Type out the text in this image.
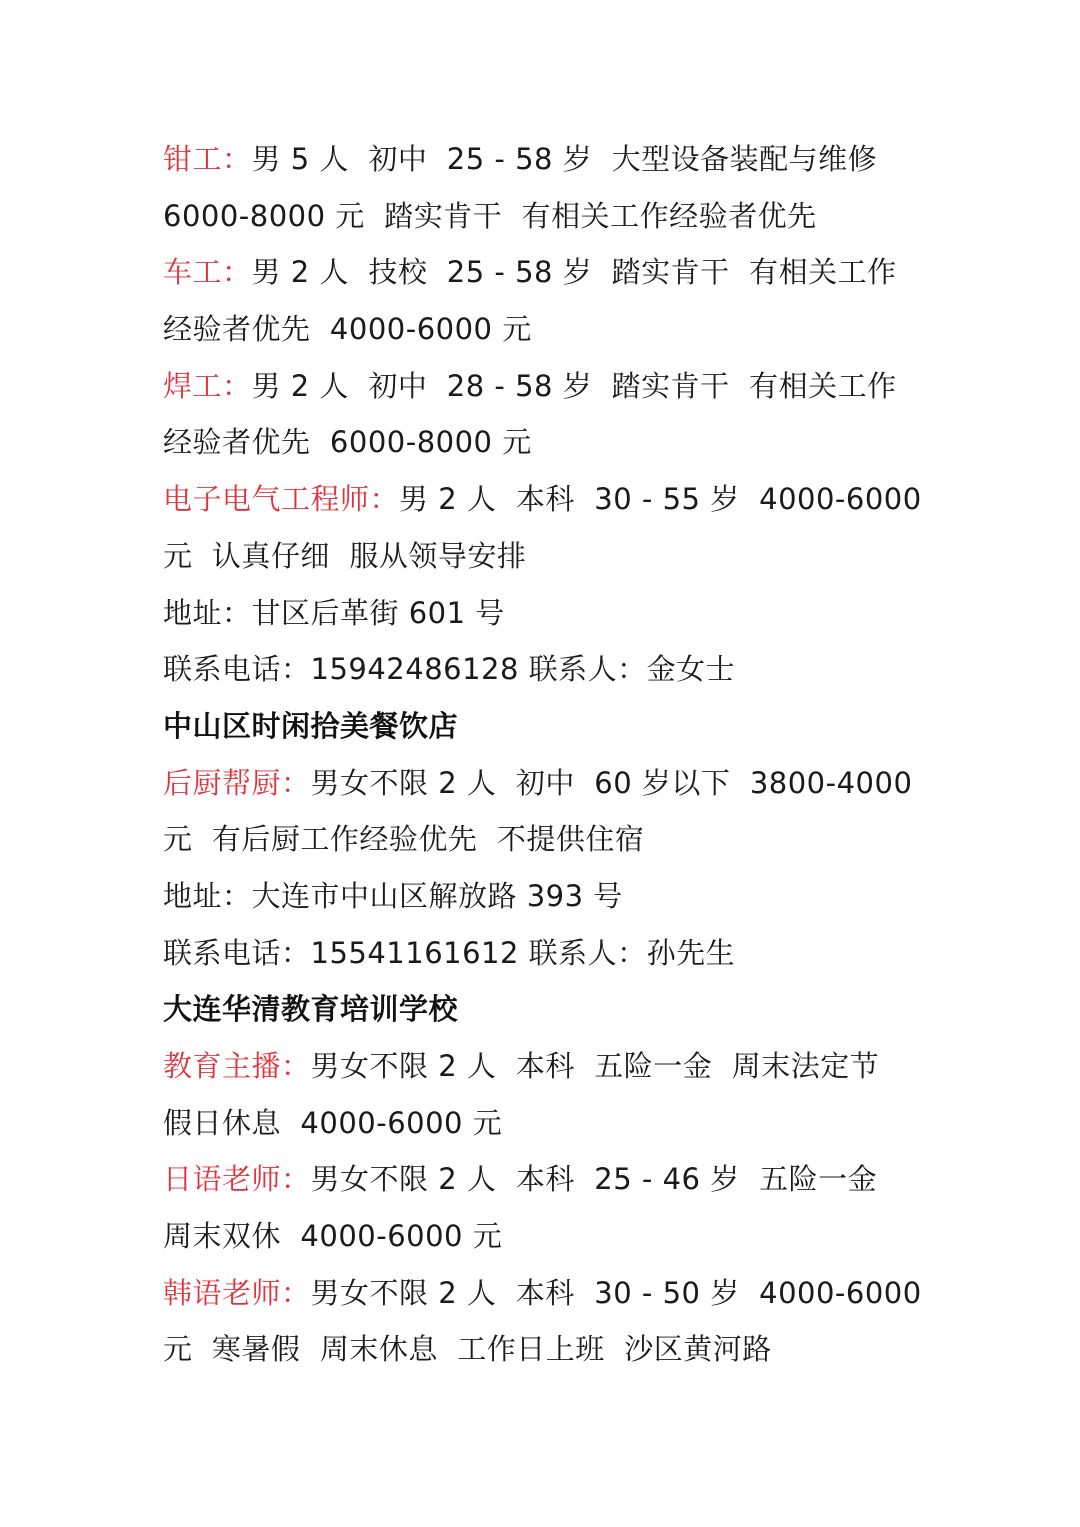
钳工：男 5 人  初中  25 - 58 岁  大型设备装配与维修
6000-8000 元  踏实肯干  有相关工作经验者优先
车工：男 2 人  技校  25 - 58 岁  踏实肯干  有相关工作
经验者优先  4000-6000 元
焊工：男 2 人  初中  28 - 58 岁  踏实肯干  有相关工作
经验者优先  6000-8000 元
电子电气工程师：男 2 人  本科  30 - 55 岁  4000-6000
元  认真仔细  服从领导安排
地址：甘区后革街 601 号
联系电话：15942486128 联系人：金女士
中山区时闲拾美餐饮店
后厨帮厨：男女不限 2 人  初中  60 岁以下  3800-4000
元  有后厨工作经验优先  不提供住宿
地址：大连市中山区解放路 393 号
联系电话：15541161612 联系人：孙先生
大连华清教育培训学校
教育主播：男女不限 2 人  本科  五险一金  周末法定节
假日休息  4000-6000 元
日语老师：男女不限 2 人  本科  25 - 46 岁  五险一金
周末双休  4000-6000 元
韩语老师：男女不限 2 人  本科  30 - 50 岁  4000-6000
元  寒暑假  周末休息  工作日上班  沙区黄河路
